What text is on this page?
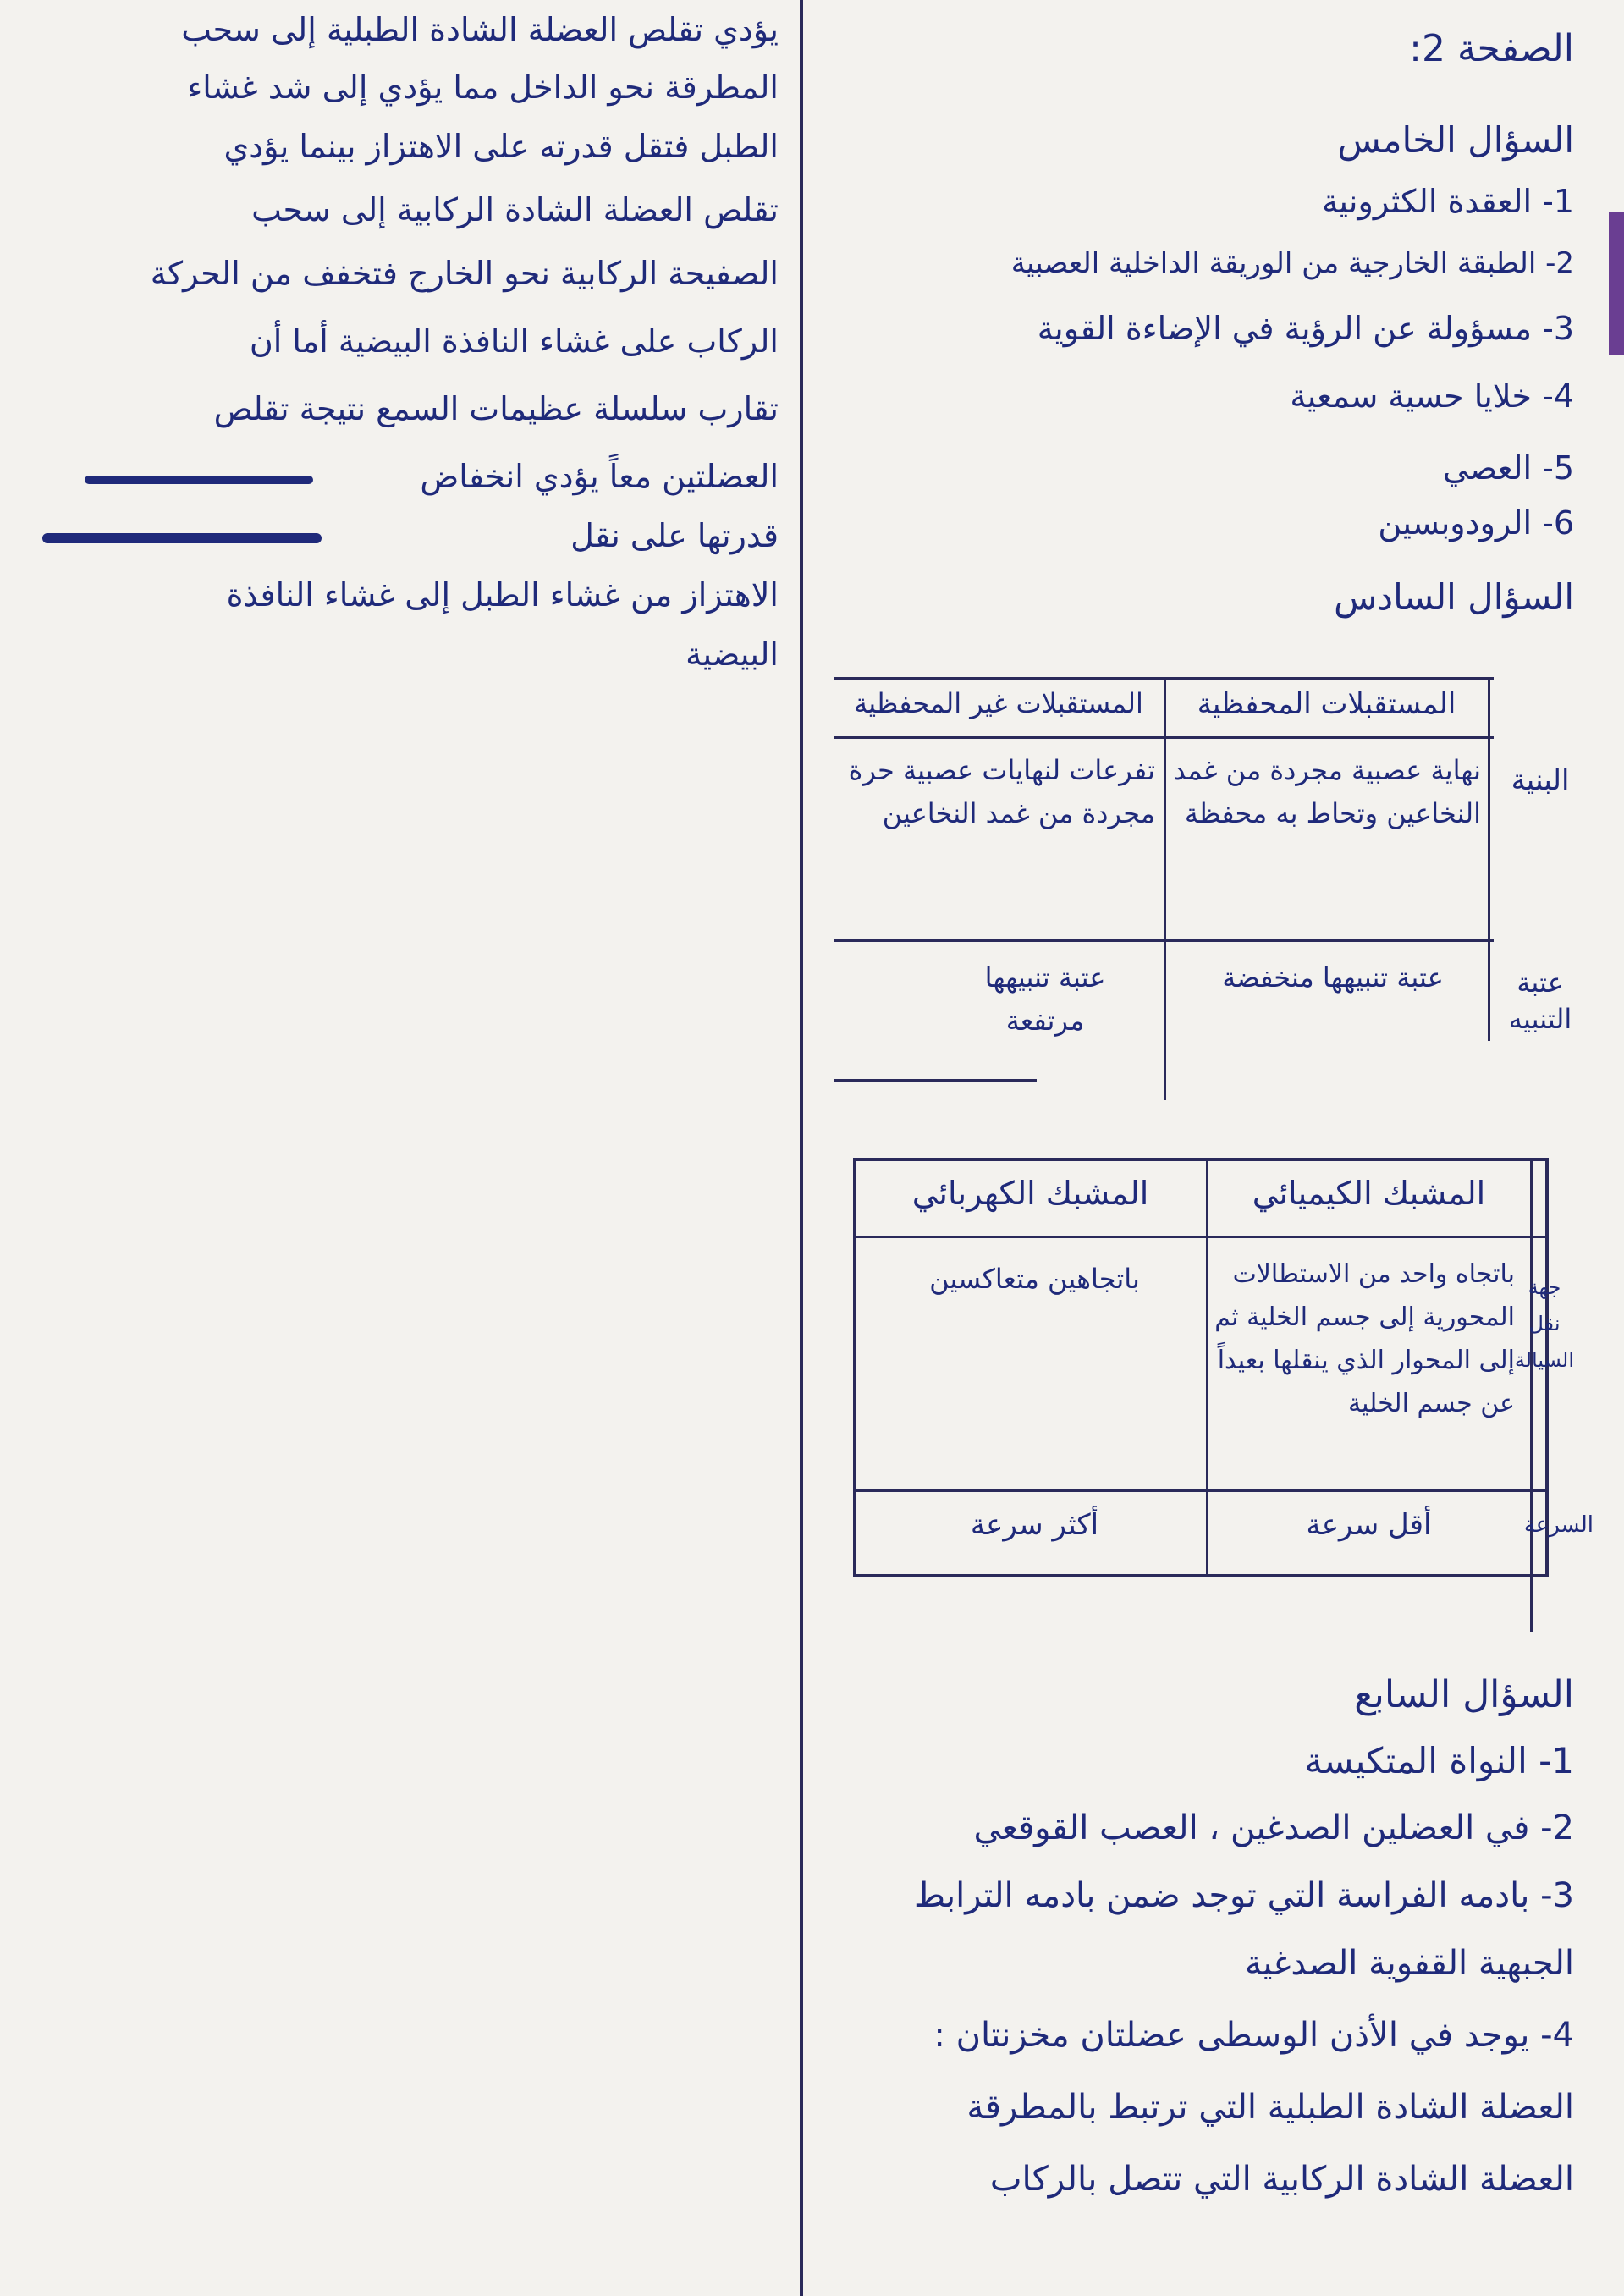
يؤدي تقلص العضلة الشادة الطبلية إلى سحب
المطرقة نحو الداخل مما يؤدي إلى شد غشاء
الطبل فتقل قدرته على الاهتزاز بينما يؤدي
تقلص العضلة الشادة الركابية إلى سحب
الصفيحة الركابية نحو الخارج فتخفف من الحركة
الركاب على غشاء النافذة البيضية أما أن
تقارب سلسلة عظيمات السمع نتيجة تقلص
العضلتين معاً يؤدي انخفاض
قدرتها على نقل
الاهتزاز من غشاء الطبل إلى غشاء النافذة
البيضية
الصفحة 2:
السؤال الخامس
1- العقدة الكثرونية
2- الطبقة الخارجية من الوريقة الداخلية العصبية
3- مسؤولة عن الرؤية في الإضاءة القوية
4- خلايا حسية سمعية
5- العصي
6- الرودوبسين
السؤال السادس
المستقبلات المحفظية
المستقبلات غير المحفظية
البنية
نهاية عصبية مجردة من غمد النخاعين وتحاط به محفظة
تفرعات لنهايات عصبية حرة مجردة من غمد النخاعين
عتبة التنبيه
عتبة تنبيهها منخفضة
عتبة تنبيهها مرتفعة
المشبك الكيميائي
المشبك الكهربائي
جهة نقل السيالة
باتجاه واحد من الاستطالات المحورية إلى جسم الخلية ثم إلى المحوار الذي ينقلها بعيداً عن جسم الخلية
باتجاهين متعاكسين
السرعة
أقل سرعة
أكثر سرعة
السؤال السابع
1- النواة المتكيسة
2- في العضلين الصدغين ، العصب القوقعي
3- بادمه الفراسة التي توجد ضمن بادمه الترابط
الجبهية القفوية الصدغية
4- يوجد في الأذن الوسطى عضلتان مخزنتان :
العضلة الشادة الطبلية التي ترتبط بالمطرقة
العضلة الشادة الركابية التي تتصل بالركاب
